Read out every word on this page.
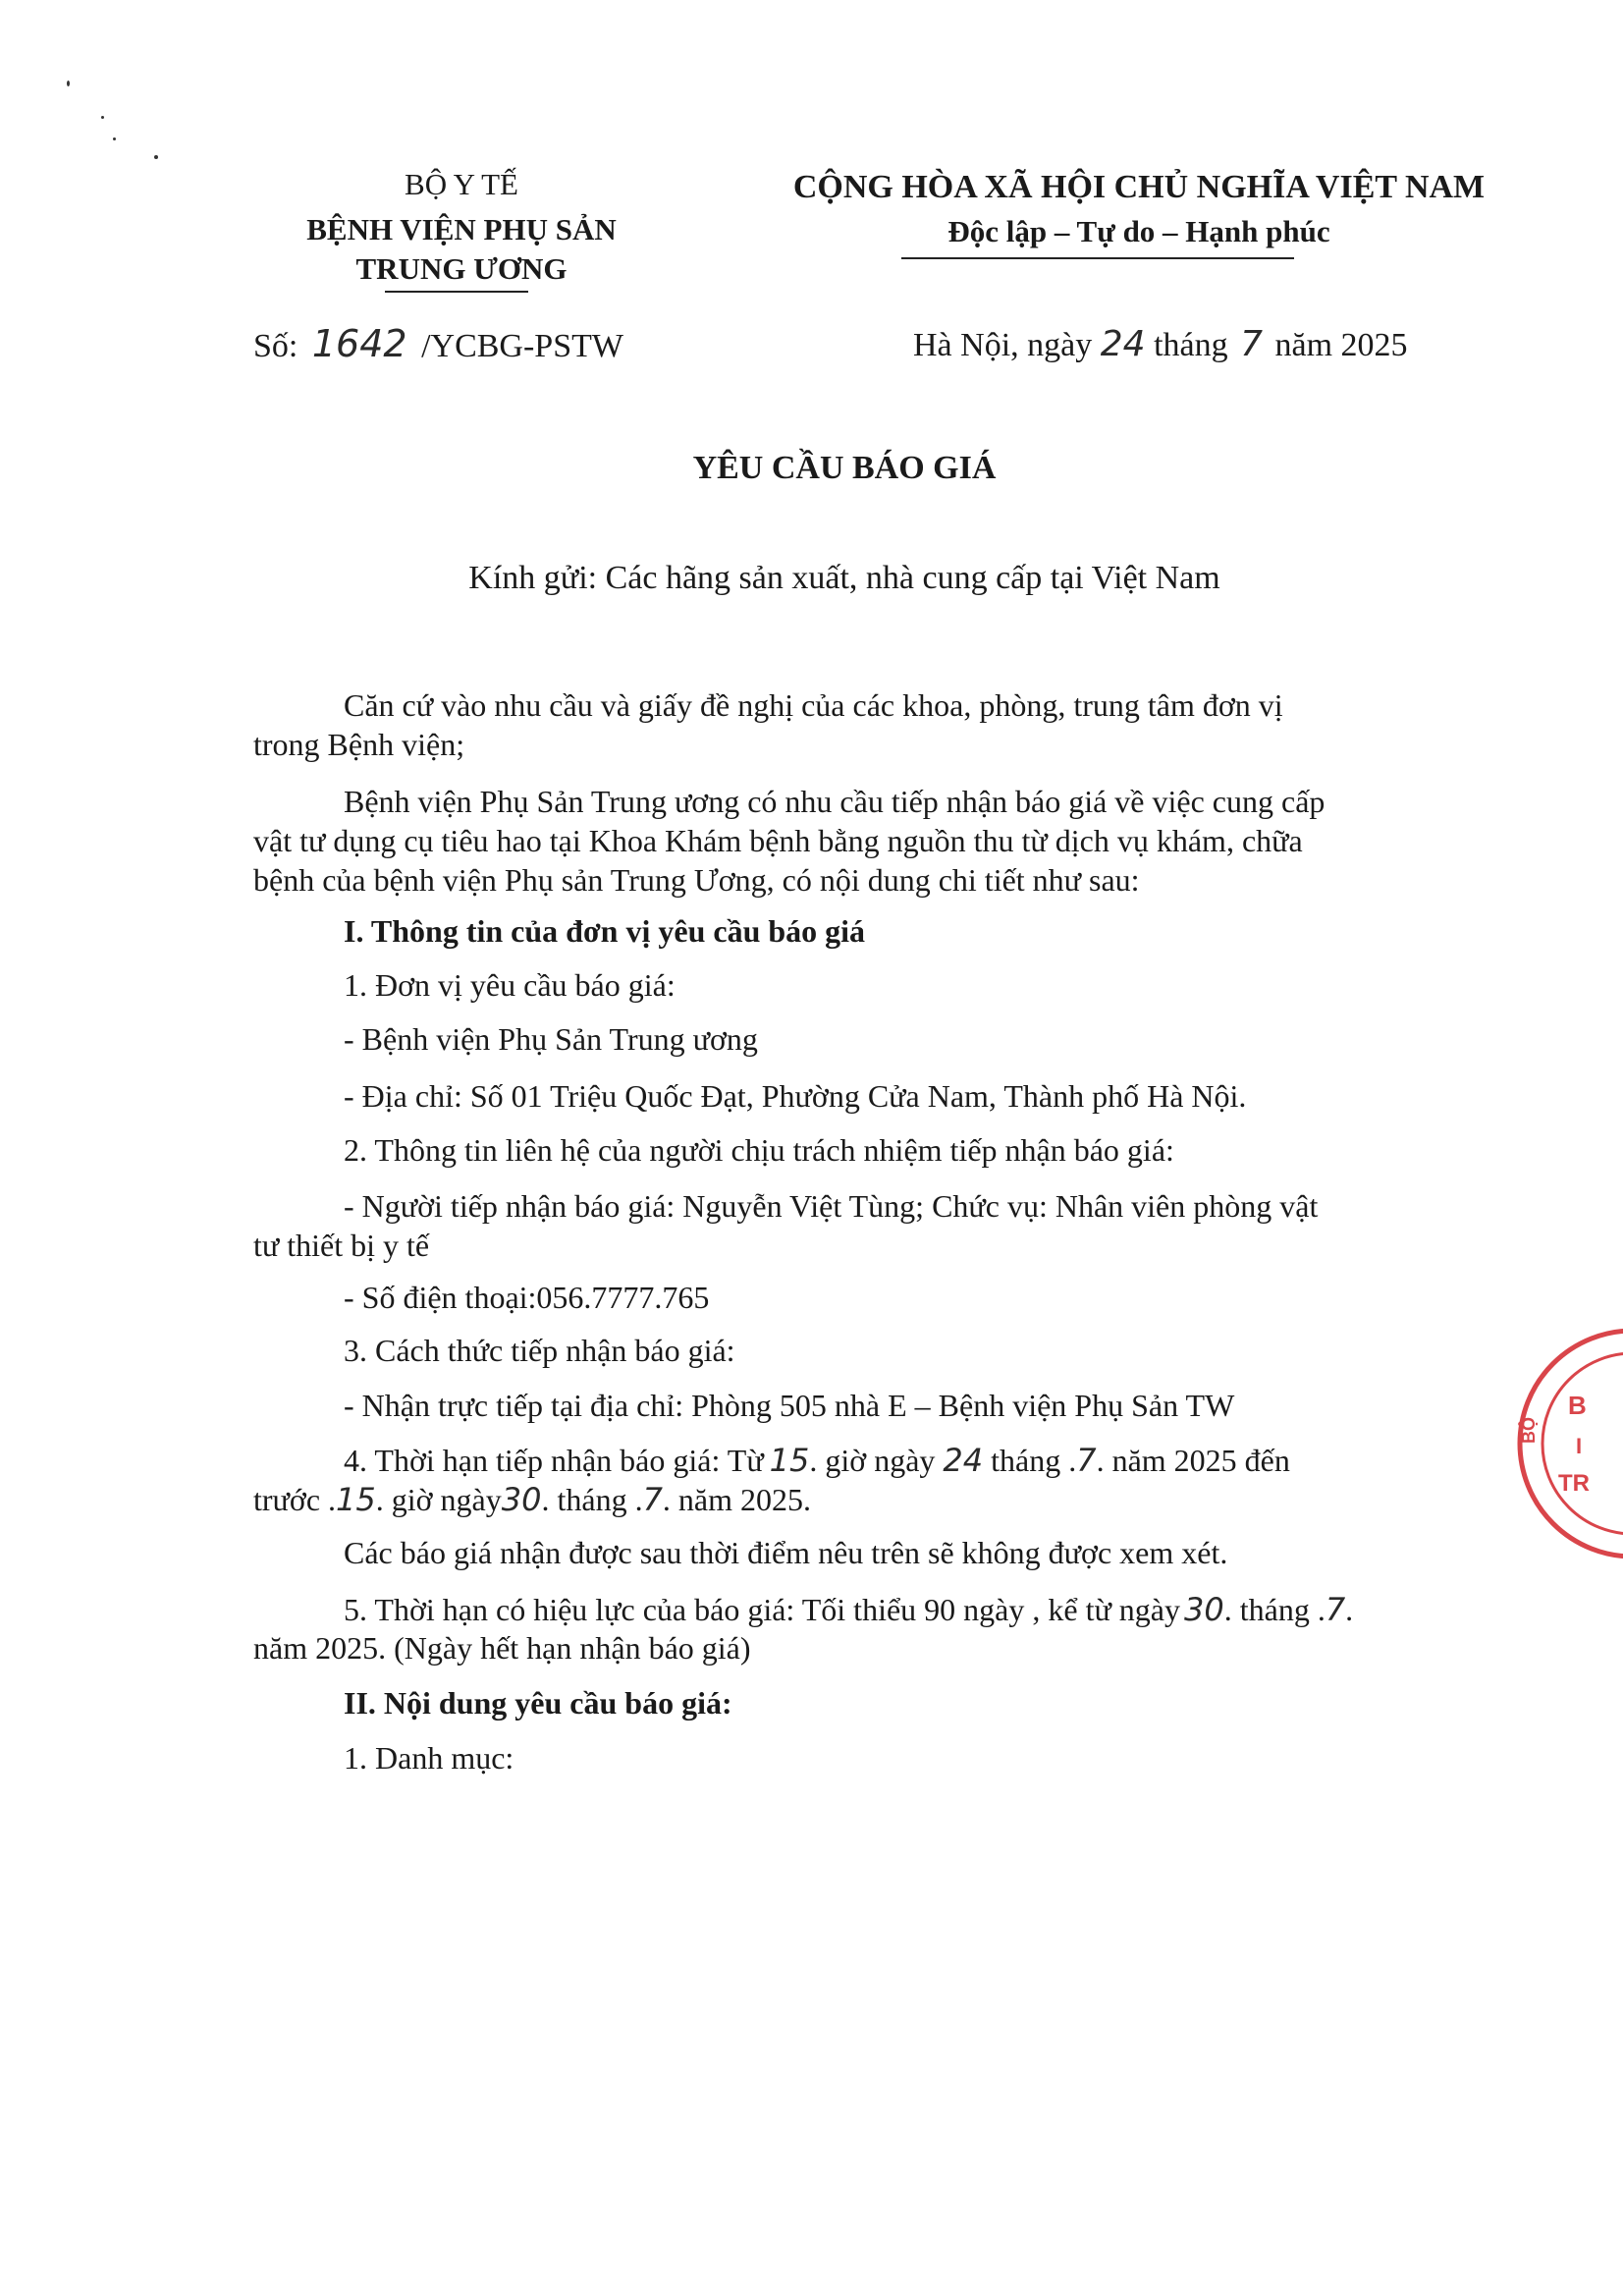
BỘ Y TẾ
BỆNH VIỆN PHỤ SẢN
TRUNG ƯƠNG
Số: 1642 /YCBG-PSTW
CỘNG HÒA XÃ HỘI CHỦ NGHĨA VIỆT NAM
Độc lập – Tự do – Hạnh phúc
Hà Nội, ngày 24 tháng 7 năm 2025
YÊU CẦU BÁO GIÁ
Kính gửi: Các hãng sản xuất, nhà cung cấp tại Việt Nam
Căn cứ vào nhu cầu và giấy đề nghị của các khoa, phòng, trung tâm đơn vị
trong Bệnh viện;
Bệnh viện Phụ Sản Trung ương có nhu cầu tiếp nhận báo giá về việc cung cấp
vật tư dụng cụ tiêu hao tại Khoa Khám bệnh bằng nguồn thu từ dịch vụ khám, chữa
bệnh của bệnh viện Phụ sản Trung Ương, có nội dung chi tiết như sau:
I. Thông tin của đơn vị yêu cầu báo giá
1. Đơn vị yêu cầu báo giá:
- Bệnh viện Phụ Sản Trung ương
- Địa chỉ: Số 01 Triệu Quốc Đạt, Phường Cửa Nam, Thành phố Hà Nội.
2. Thông tin liên hệ của người chịu trách nhiệm tiếp nhận báo giá:
- Người tiếp nhận báo giá: Nguyễn Việt Tùng; Chức vụ: Nhân viên phòng vật
tư thiết bị y tế
- Số điện thoại:056.7777.765
3. Cách thức tiếp nhận báo giá:
- Nhận trực tiếp tại địa chỉ: Phòng 505 nhà E – Bệnh viện Phụ Sản TW
4. Thời hạn tiếp nhận báo giá: Từ 15. giờ ngày 24 tháng .7. năm 2025 đến
trước .15. giờ ngày30. tháng .7. năm 2025.
Các báo giá nhận được sau thời điểm nêu trên sẽ không được xem xét.
5. Thời hạn có hiệu lực của báo giá: Tối thiểu 90 ngày , kể từ ngày 30. tháng .7.
năm 2025. (Ngày hết hạn nhận báo giá)
II. Nội dung yêu cầu báo giá:
1. Danh mục:
B
I
TR
BỘ
